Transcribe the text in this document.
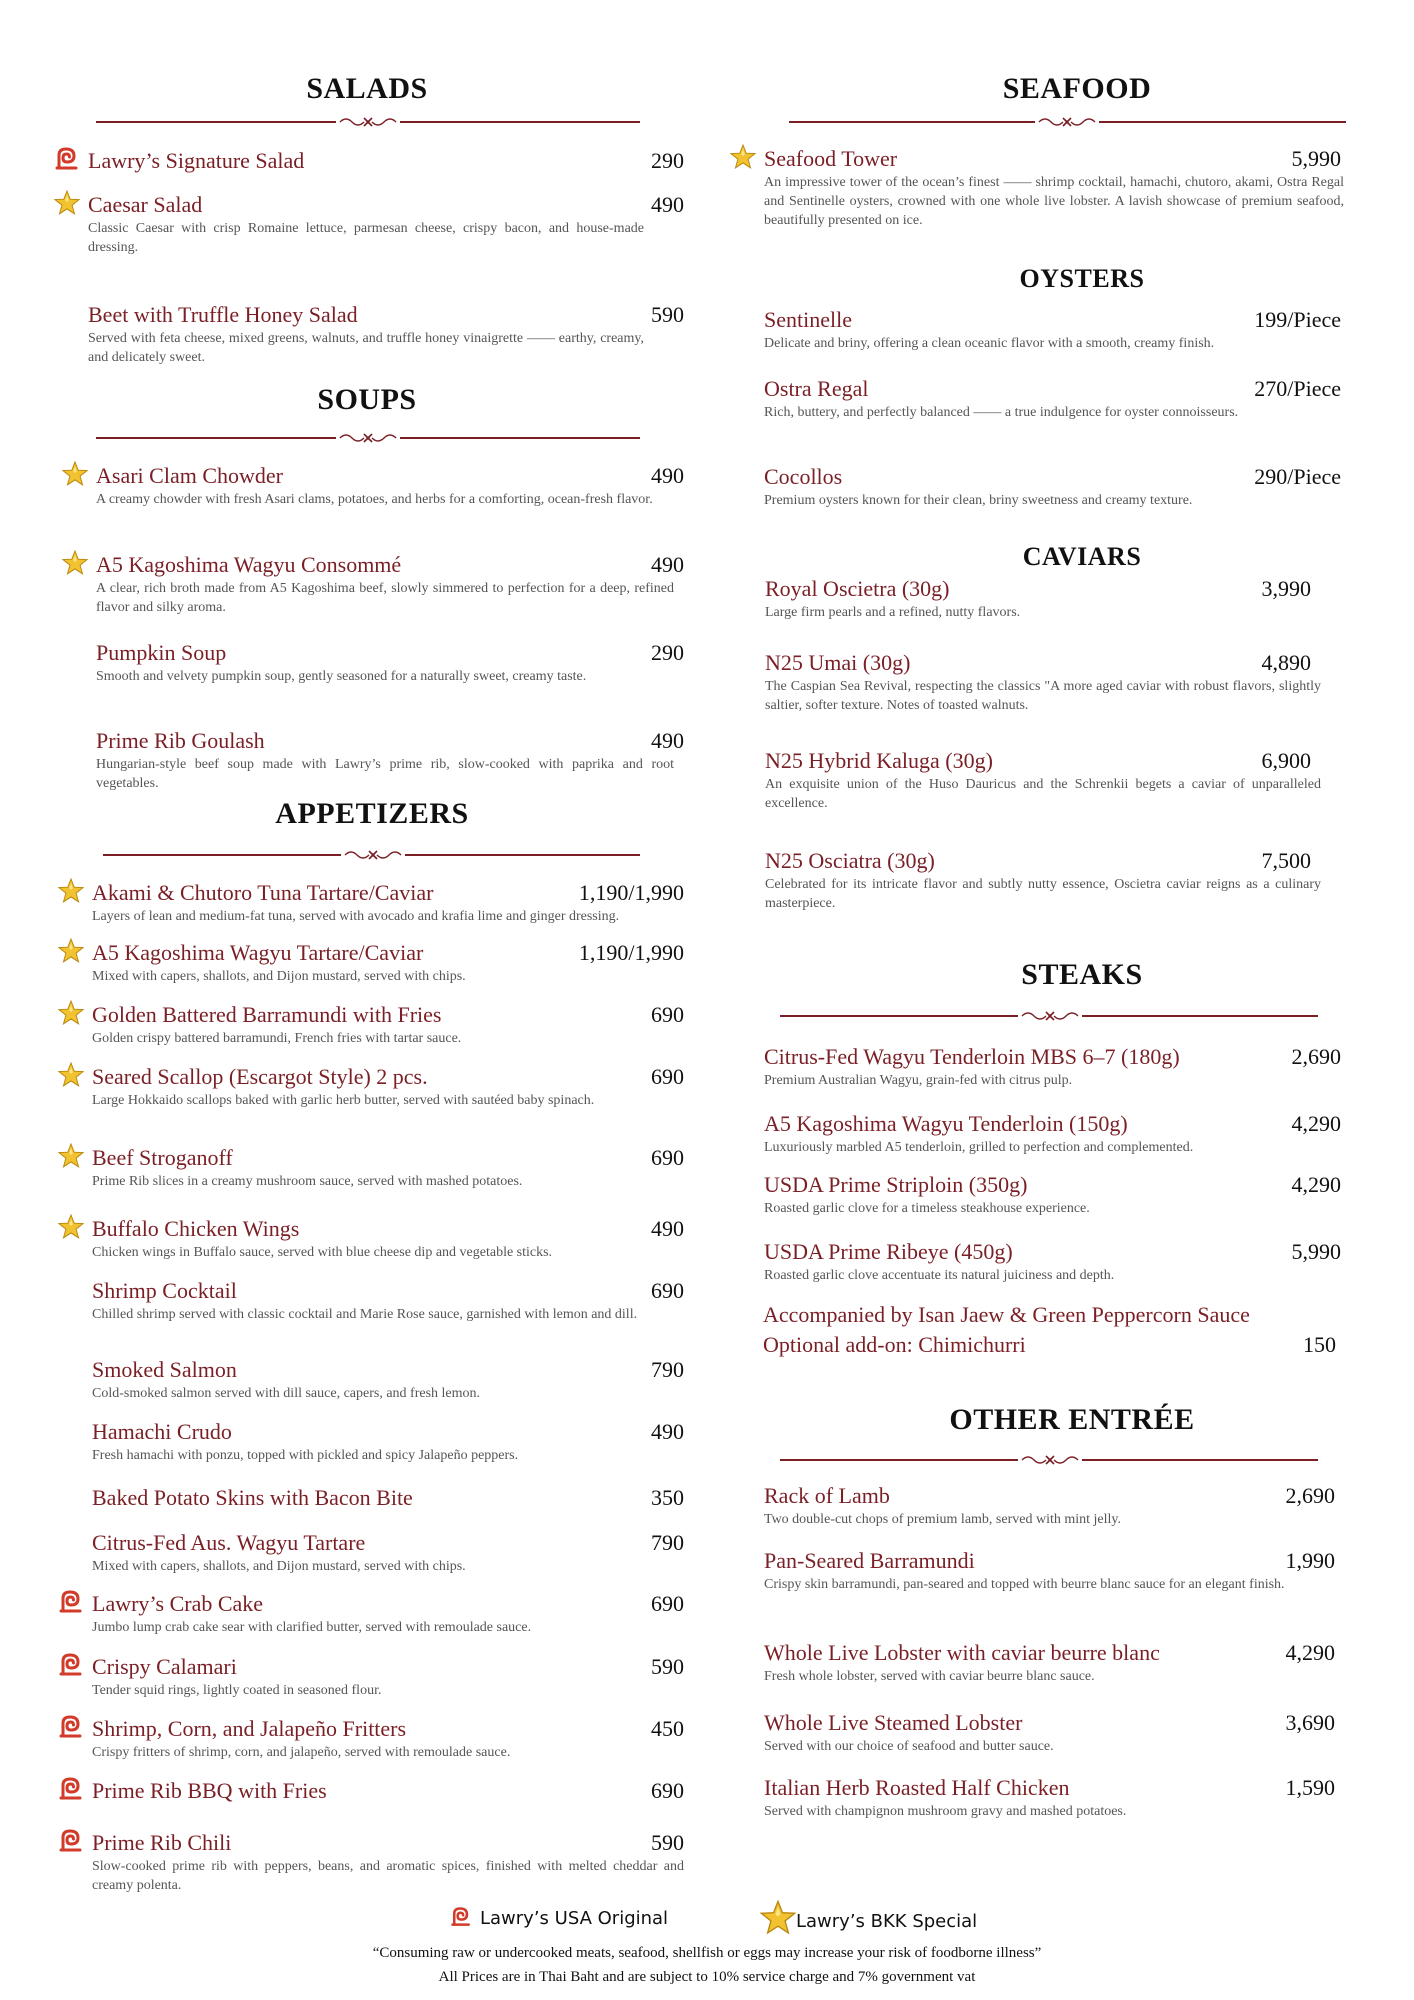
SALADS
Lawry’s Signature Salad	290
Caesar Salad	490
Classic Caesar with crisp Romaine lettuce, parmesan cheese, crispy bacon, and house-made dressing.
Beet with Truffle Honey Salad	590
Served with feta cheese, mixed greens, walnuts, and truffle honey vinaigrette —— earthy, creamy, and delicately sweet.
SOUPS
Asari Clam Chowder	490
A creamy chowder with fresh Asari clams, potatoes, and herbs for a comforting, ocean-fresh flavor.
A5 Kagoshima Wagyu Consommé	490
A clear, rich broth made from A5 Kagoshima beef, slowly simmered to perfection for a deep, refined flavor and silky aroma.
Pumpkin Soup	290
Smooth and velvety pumpkin soup, gently seasoned for a naturally sweet, creamy taste.
Prime Rib Goulash	490
Hungarian-style beef soup made with Lawry’s prime rib, slow-cooked with paprika and root vegetables.
APPETIZERS
Akami & Chutoro Tuna Tartare/Caviar	1,190/1,990
Layers of lean and medium-fat tuna, served with avocado and krafia lime and ginger dressing.
A5 Kagoshima Wagyu Tartare/Caviar	1,190/1,990
Mixed with capers, shallots, and Dijon mustard, served with chips.
Golden Battered Barramundi with Fries	690
Golden crispy battered barramundi, French fries with tartar sauce.
Seared Scallop (Escargot Style) 2 pcs.	690
Large Hokkaido scallops baked with garlic herb butter, served with sautéed baby spinach.
Beef Stroganoff	690
Prime Rib slices in a creamy mushroom sauce, served with mashed potatoes.
Buffalo Chicken Wings	490
Chicken wings in Buffalo sauce, served with blue cheese dip and vegetable sticks.
Shrimp Cocktail	690
Chilled shrimp served with classic cocktail and Marie Rose sauce, garnished with lemon and dill.
Smoked Salmon	790
Cold-smoked salmon served with dill sauce, capers, and fresh lemon.
Hamachi Crudo	490
Fresh hamachi with ponzu, topped with pickled and spicy Jalapeño peppers.
Baked Potato Skins with Bacon Bite	350
Citrus-Fed Aus. Wagyu Tartare	790
Mixed with capers, shallots, and Dijon mustard, served with chips.
Lawry’s Crab Cake	690
Jumbo lump crab cake sear with clarified butter, served with remoulade sauce.
Crispy Calamari	590
Tender squid rings, lightly coated in seasoned flour.
Shrimp, Corn, and Jalapeño Fritters	450
Crispy fritters of shrimp, corn, and jalapeño, served with remoulade sauce.
Prime Rib BBQ with Fries	690
Prime Rib Chili	590
Slow-cooked prime rib with peppers, beans, and aromatic spices, finished with melted cheddar and creamy polenta.
SEAFOOD
Seafood Tower	5,990
An impressive tower of the ocean’s finest —— shrimp cocktail, hamachi, chutoro, akami, Ostra Regal and Sentinelle oysters, crowned with one whole live lobster. A lavish showcase of premium seafood, beautifully presented on ice.
OYSTERS
Sentinelle	199/Piece
Delicate and briny, offering a clean oceanic flavor with a smooth, creamy finish.
Ostra Regal	270/Piece
Rich, buttery, and perfectly balanced —— a true indulgence for oyster connoisseurs.
Cocollos	290/Piece
Premium oysters known for their clean, briny sweetness and creamy texture.
CAVIARS
Royal Oscietra (30g)	3,990
Large firm pearls and a refined, nutty flavors.
N25 Umai (30g)	4,890
The Caspian Sea Revival, respecting the classics "A more aged caviar with robust flavors, slightly saltier, softer texture. Notes of toasted walnuts.
N25 Hybrid Kaluga (30g)	6,900
An exquisite union of the Huso Dauricus and the Schrenkii begets a caviar of unparalleled excellence.
N25 Osciatra (30g)	7,500
Celebrated for its intricate flavor and subtly nutty essence, Oscietra caviar reigns as a culinary masterpiece.
STEAKS
Citrus-Fed Wagyu Tenderloin MBS 6–7 (180g)	2,690
Premium Australian Wagyu, grain-fed with citrus pulp.
A5 Kagoshima Wagyu Tenderloin (150g)	4,290
Luxuriously marbled A5 tenderloin, grilled to perfection and complemented.
USDA Prime Striploin (350g)	4,290
Roasted garlic clove for a timeless steakhouse experience.
USDA Prime Ribeye (450g)	5,990
Roasted garlic clove accentuate its natural juiciness and depth.
Accompanied by Isan Jaew & Green Peppercorn Sauce
Optional add-on: Chimichurri	150
OTHER ENTRÉE
Rack of Lamb	2,690
Two double-cut chops of premium lamb, served with mint jelly.
Pan-Seared Barramundi	1,990
Crispy skin barramundi, pan-seared and topped with beurre blanc sauce for an elegant finish.
Whole Live Lobster with caviar beurre blanc	4,290
Fresh whole lobster, served with caviar beurre blanc sauce.
Whole Live Steamed Lobster	3,690
Served with our choice of seafood and butter sauce.
Italian Herb Roasted Half Chicken	1,590
Served with champignon mushroom gravy and mashed potatoes.
Lawry’s USA Original	Lawry’s BKK Special
“Consuming raw or undercooked meats, seafood, shellfish or eggs may increase your risk of foodborne illness”
All Prices are in Thai Baht and are subject to 10% service charge and 7% government vat
